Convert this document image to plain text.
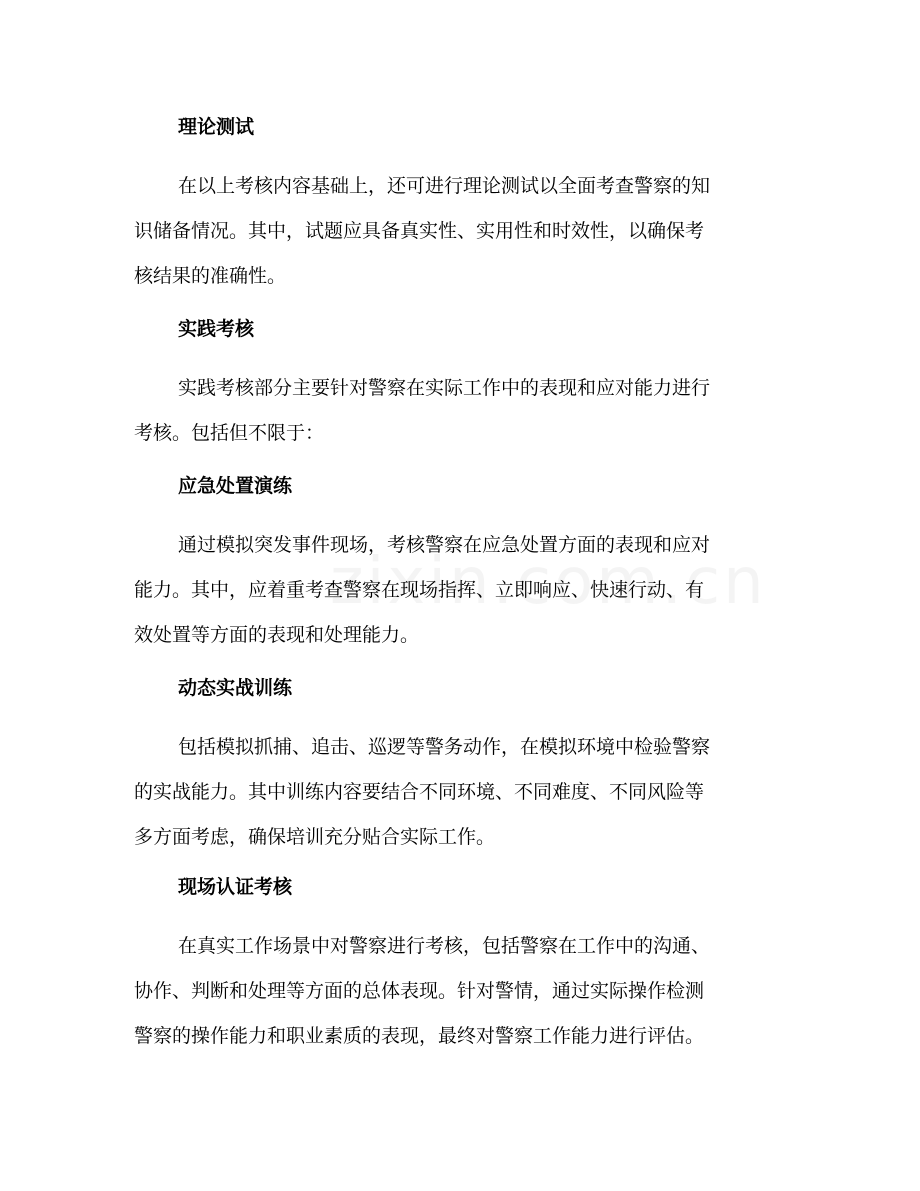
理论测试
在以上考核内容基础上，还可进行理论测试以全面考查警察的知
识储备情况。其中，试题应具备真实性、实用性和时效性，以确保考
核结果的准确性。
实践考核
实践考核部分主要针对警察在实际工作中的表现和应对能力进行
考核。包括但不限于：
应急处置演练
通过模拟突发事件现场，考核警察在应急处置方面的表现和应对
能力。其中，应着重考查警察在现场指挥、立即响应、快速行动、有
效处置等方面的表现和处理能力。
动态实战训练
包括模拟抓捕、追击、巡逻等警务动作，在模拟环境中检验警察
的实战能力。其中训练内容要结合不同环境、不同难度、不同风险等
多方面考虑，确保培训充分贴合实际工作。
现场认证考核
在真实工作场景中对警察进行考核，包括警察在工作中的沟通、
协作、判断和处理等方面的总体表现。针对警情，通过实际操作检测
警察的操作能力和职业素质的表现，最终对警察工作能力进行评估。
